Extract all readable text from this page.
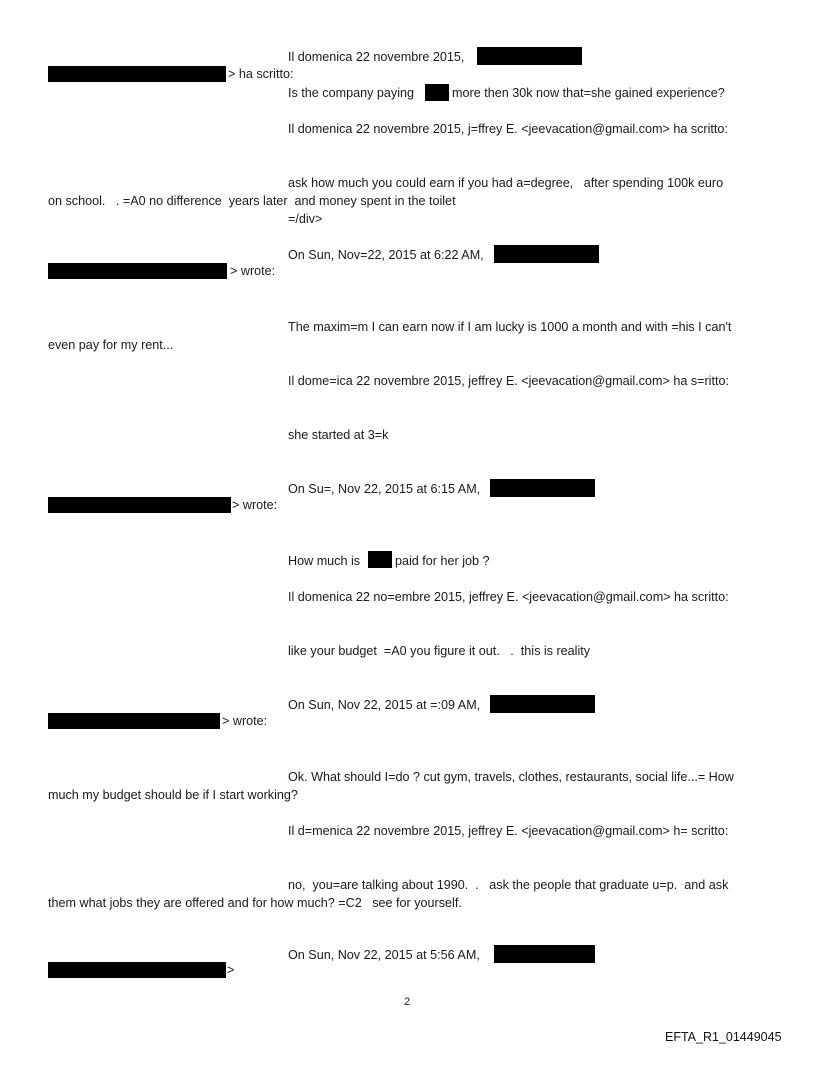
Il domenica 22 novembre 2015,
> ha scritto:
Is the company paying	more then 30k now that=she gained experience?
Il domenica 22 novembre 2015, j=ffrey E. <jeevacation@gmail.com> ha scritto:
ask how much you could earn if you had a=degree,   after spending 100k euro
on school.   . =A0 no difference  years later  and money spent in the toilet
=/div>
On Sun, Nov=22, 2015 at 6:22 AM,
> wrote:
The maxim=m I can earn now if I am lucky is 1000 a month and with =his I can't
even pay for my rent...
Il dome=ica 22 novembre 2015, jeffrey E. <jeevacation@gmail.com> ha s=ritto:
she started at 3=k
On Su=, Nov 22, 2015 at 6:15 AM,
> wrote:
How much is	paid for her job ?
Il domenica 22 no=embre 2015, jeffrey E. <jeevacation@gmail.com> ha scritto:
like your budget  =A0 you figure it out.   .  this is reality
On Sun, Nov 22, 2015 at =:09 AM,
> wrote:
Ok. What should I=do ? cut gym, travels, clothes, restaurants, social life...= How
much my budget should be if I start working?
Il d=menica 22 novembre 2015, jeffrey E. <jeevacation@gmail.com> h= scritto:
no,  you=are talking about 1990.  .   ask the people that graduate u=p.  and ask
them what jobs they are offered and for how much? =C2   see for yourself.
On Sun, Nov 22, 2015 at 5:56 AM,
>
2
EFTA_R1_01449045
